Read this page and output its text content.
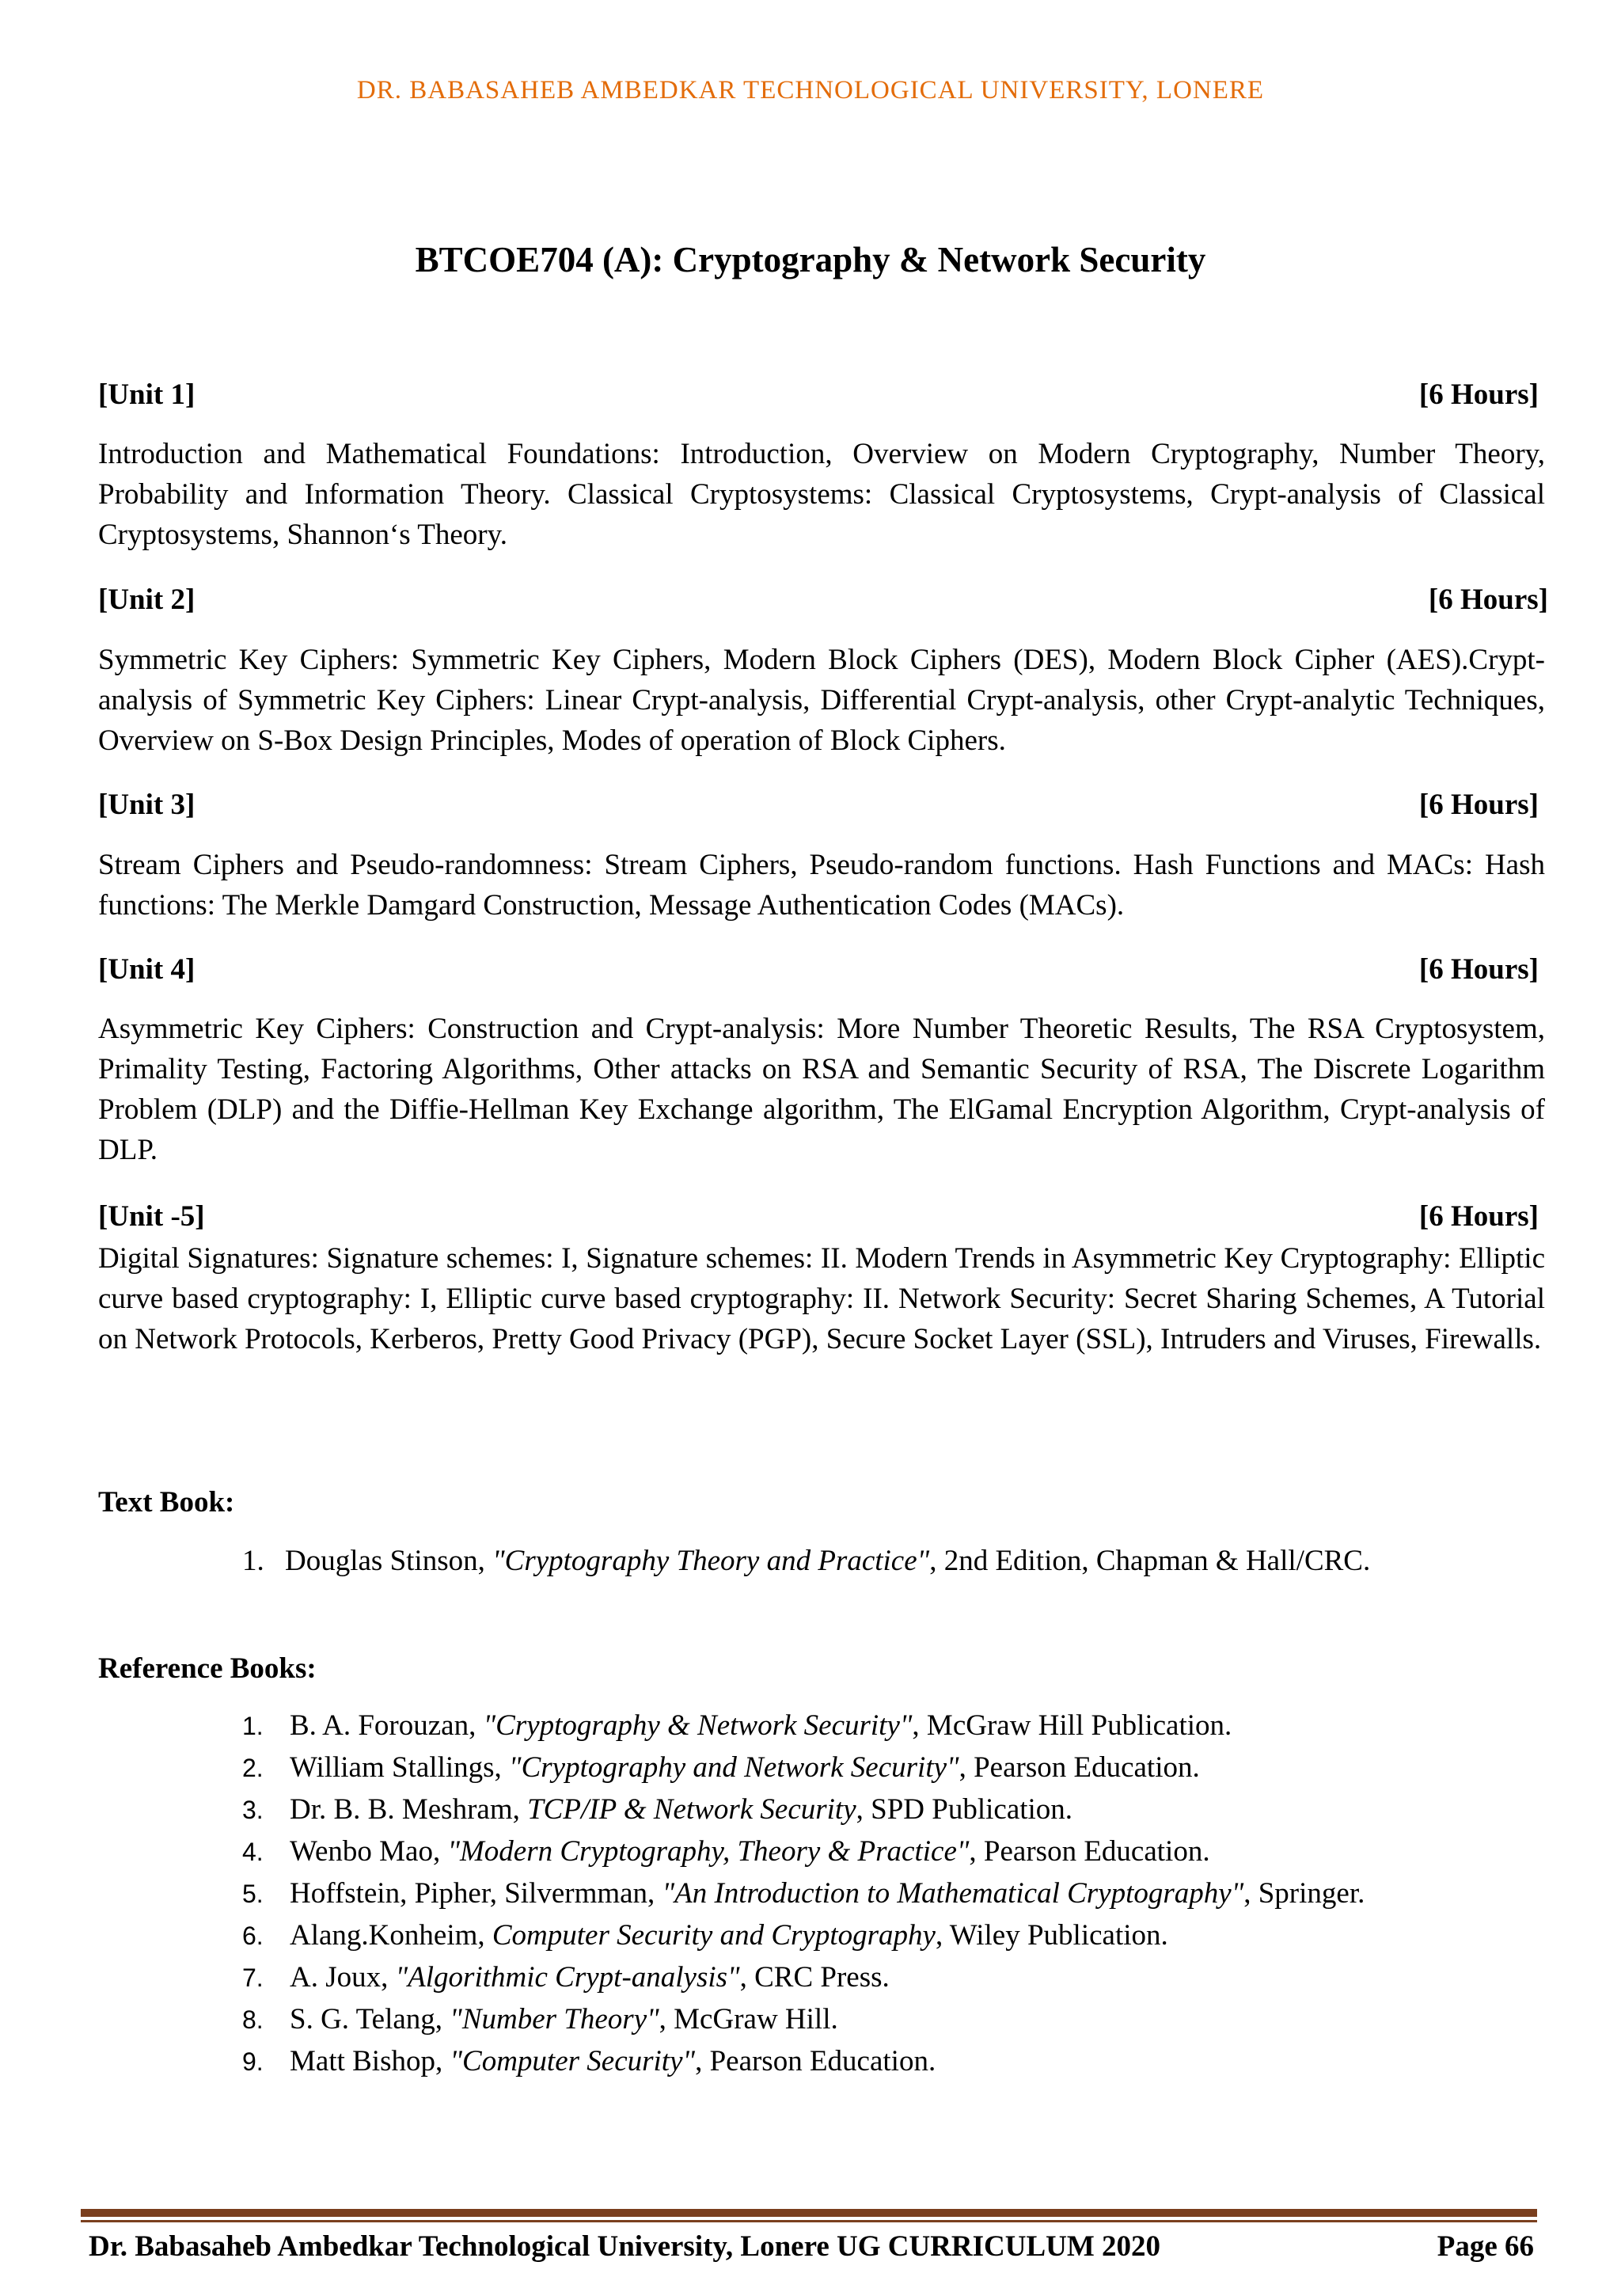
DR. BABASAHEB AMBEDKAR TECHNOLOGICAL UNIVERSITY, LONERE
BTCOE704 (A): Cryptography & Network Security
[Unit 1]	[6 Hours]
Introduction and Mathematical Foundations: Introduction, Overview on Modern Cryptography, Number Theory, Probability and Information Theory. Classical Cryptosystems: Classical Cryptosystems, Crypt-analysis of Classical Cryptosystems, Shannon‘s Theory.
[Unit 2]	[6 Hours]
Symmetric Key Ciphers: Symmetric Key Ciphers, Modern Block Ciphers (DES), Modern Block Cipher (AES).Crypt-analysis of Symmetric Key Ciphers: Linear Crypt-analysis, Differential Crypt-analysis, other Crypt-analytic Techniques, Overview on S-Box Design Principles, Modes of operation of Block Ciphers.
[Unit 3]	[6 Hours]
Stream Ciphers and Pseudo-randomness: Stream Ciphers, Pseudo-random functions. Hash Functions and MACs: Hash functions: The Merkle Damgard Construction, Message Authentication Codes (MACs).
[Unit 4]	[6 Hours]
Asymmetric Key Ciphers: Construction and Crypt-analysis: More Number Theoretic Results, The RSA Cryptosystem, Primality Testing, Factoring Algorithms, Other attacks on RSA and Semantic Security of RSA, The Discrete Logarithm Problem (DLP) and the Diffie-Hellman Key Exchange algorithm, The ElGamal Encryption Algorithm, Crypt-analysis of DLP.
[Unit -5]	[6 Hours]
Digital Signatures: Signature schemes: I, Signature schemes: II. Modern Trends in Asymmetric Key Cryptography: Elliptic curve based cryptography: I, Elliptic curve based cryptography: II. Network Security: Secret Sharing Schemes, A Tutorial on Network Protocols, Kerberos, Pretty Good Privacy (PGP), Secure Socket Layer (SSL), Intruders and Viruses, Firewalls.
Text Book:
1. Douglas Stinson, "Cryptography Theory and Practice", 2nd Edition, Chapman & Hall/CRC.
Reference Books:
1. B. A. Forouzan, "Cryptography & Network Security", McGraw Hill Publication.
2. William Stallings, "Cryptography and Network Security", Pearson Education.
3. Dr. B. B. Meshram, TCP/IP & Network Security, SPD Publication.
4. Wenbo Mao, "Modern Cryptography, Theory & Practice", Pearson Education.
5. Hoffstein, Pipher, Silvermman, "An Introduction to Mathematical Cryptography", Springer.
6. Alang.Konheim, Computer Security and Cryptography, Wiley Publication.
7. A. Joux, "Algorithmic Crypt-analysis", CRC Press.
8. S. G. Telang, "Number Theory", McGraw Hill.
9. Matt Bishop, "Computer Security", Pearson Education.
Dr. Babasaheb Ambedkar Technological University, Lonere UG CURRICULUM 2020	Page 66
